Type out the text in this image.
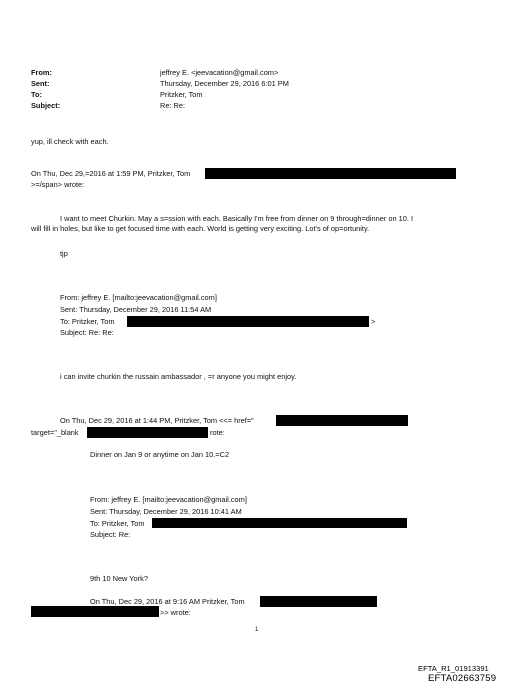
From:
Sent:
To:
Subject:
jeffrey E. <jeevacation@gmail.com>
Thursday, December 29, 2016 6:01 PM
Pritzker, Tom
Re: Re:
yup, ill check with each.
On Thu, Dec 29,=2016 at 1:59 PM, Pritzker, Tom
>=/span> wrote:
I want to meet Churkin. May a s=ssion with each. Basically I'm free from dinner on 9 through=dinner on 10. I
will fill in holes, but like to get focused time with each. World is getting very exciting. Lot's of op=ortunity.
tjp
From: jeffrey E. [mailto:jeevacation@gmail.com]
Sent: Thursday, December 29, 2016 11:54 AM
To: Pritzker, Tom	>
Subject: Re: Re:
i can invite churkin the russain ambassador , =r anyone you might enjoy.
On Thu, Dec 29, 2016 at 1:44 PM, Pritzker, Tom <<= href="
target="_blank	rote:
Dinner on Jan 9 or anytime on Jan 10.=C2
From: jeffrey E. [mailto:jeevacation@gmail.com]
Sent: Thursday, December 29, 2016 10:41 AM
To: Pritzker, Tom
Subject: Re:
9th 10 New York?
On Thu, Dec 29, 2016 at 9:16 AM Pritzker, Tom
>> wrote:
1
EFTA_R1_01913391
EFTA02663759
